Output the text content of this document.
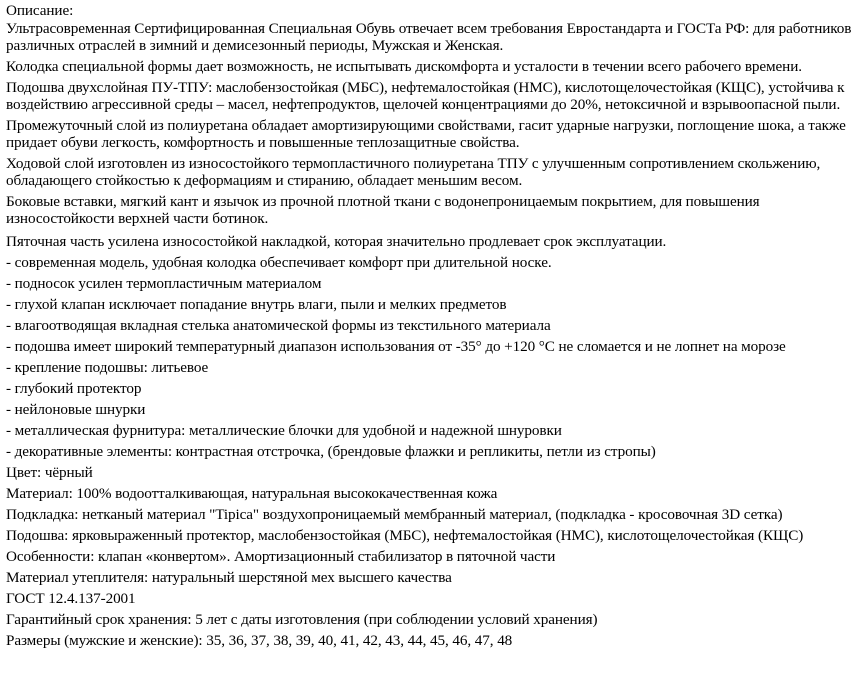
Описание:

Ультрасовременная Сертифицированная Специальная Обувь отвечает всем требования Евростандарта и ГОСТа РФ: для работников различных отраслей в зимний и демисезонный периоды, Мужская и Женская.

Колодка специальной формы дает возможность, не испытывать дискомфорта и усталости в течении всего рабочего времени.

Подошва двухслойная ПУ-ТПУ: маслобензостойкая (МБС), нефтемалостойкая (НМС), кислотощелочестойкая (КЩС), устойчива к воздействию агрессивной среды – масел, нефтепродуктов, щелочей концентрациями до 20%, нетоксичной и взрывоопасной пыли.

Промежуточный слой из полиуретана обладает амортизирующими свойствами, гасит ударные нагрузки, поглощение шока, а также придает обуви легкость, комфортность и повышенные теплозащитные свойства.

Ходовой слой изготовлен из износостойкого термопластичного полиуретана ТПУ с улучшенным сопротивлением скольжению, обладающего стойкостью к деформациям и стиранию, обладает меньшим весом.

Боковые вставки, мягкий кант и язычок из прочной плотной ткани с водонепроницаемым покрытием, для повышения износостойкости верхней части ботинок.

Пяточная часть усилена износостойкой накладкой, которая значительно продлевает срок эксплуатации.
- современная модель, удобная колодка обеспечивает комфорт при длительной носке.
- подносок усилен термопластичным материалом
- глухой клапан исключает попадание внутрь влаги, пыли и мелких предметов
- влагоотводящая вкладная стелька анатомической формы из текстильного материала
- подошва имеет широкий температурный диапазон использования от -35° до +120 °С не сломается и не лопнет на морозе
- крепление подошвы: литьевое
- глубокий протектор
- нейлоновые шнурки
- металлическая фурнитура: металлические блочки для удобной и надежной шнуровки
- декоративные элементы: контрастная отстрочка, (брендовые флажки и репликиты, петли из стропы)
Цвет: чёрный
Материал: 100% водоотталкивающая, натуральная высококачественная кожа
Подкладка: нетканый материал "Tipica" воздухопроницаемый мембранный материал, (подкладка - кросовочная 3D сетка)
Подошва: ярковыраженный протектор, маслобензостойкая (МБС), нефтемалостойкая (НМС), кислотощелочестойкая (КЩС)
Особенности: клапан «конвертом». Амортизационный стабилизатор в пяточной части
Материал утеплителя: натуральный шерстяной мех высшего качества
ГОСТ 12.4.137-2001
Гарантийный срок хранения: 5 лет с даты изготовления (при соблюдении условий хранения)
Размеры (мужские и женские): 35, 36, 37, 38, 39, 40, 41, 42, 43, 44, 45, 46, 47, 48
